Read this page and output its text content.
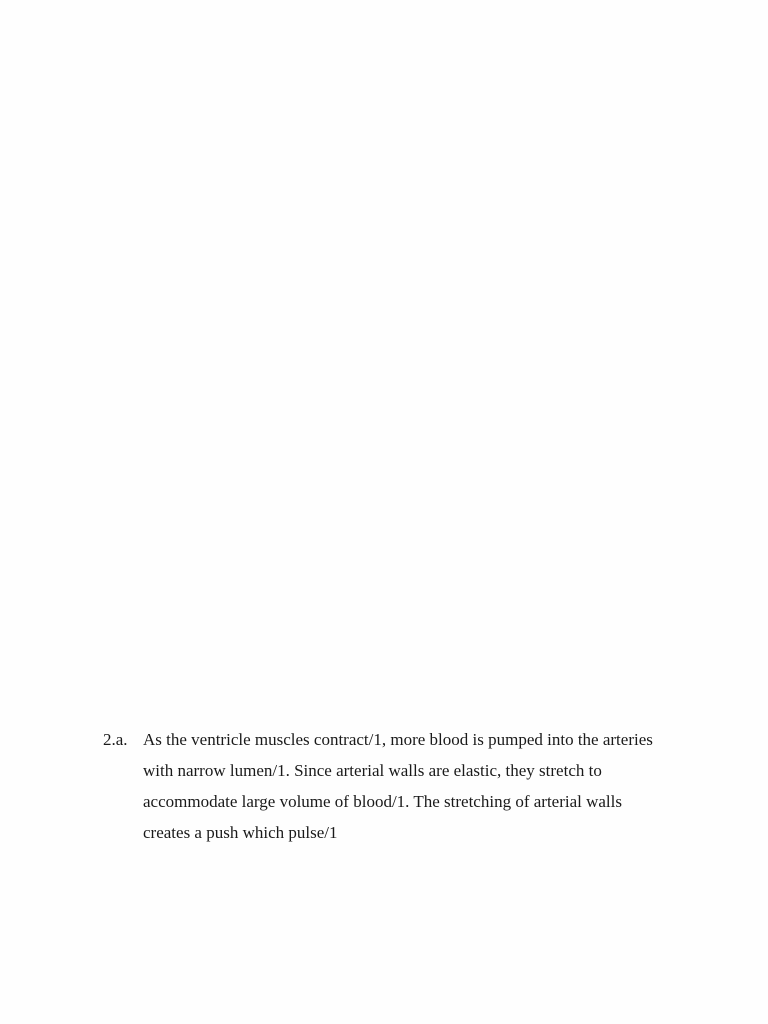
2.a. As the ventricle muscles contract/1, more blood is pumped into the arteries
with narrow lumen/1. Since arterial walls are elastic, they stretch to
accommodate large volume of blood/1. The stretching of arterial walls
creates a push which pulse/1
